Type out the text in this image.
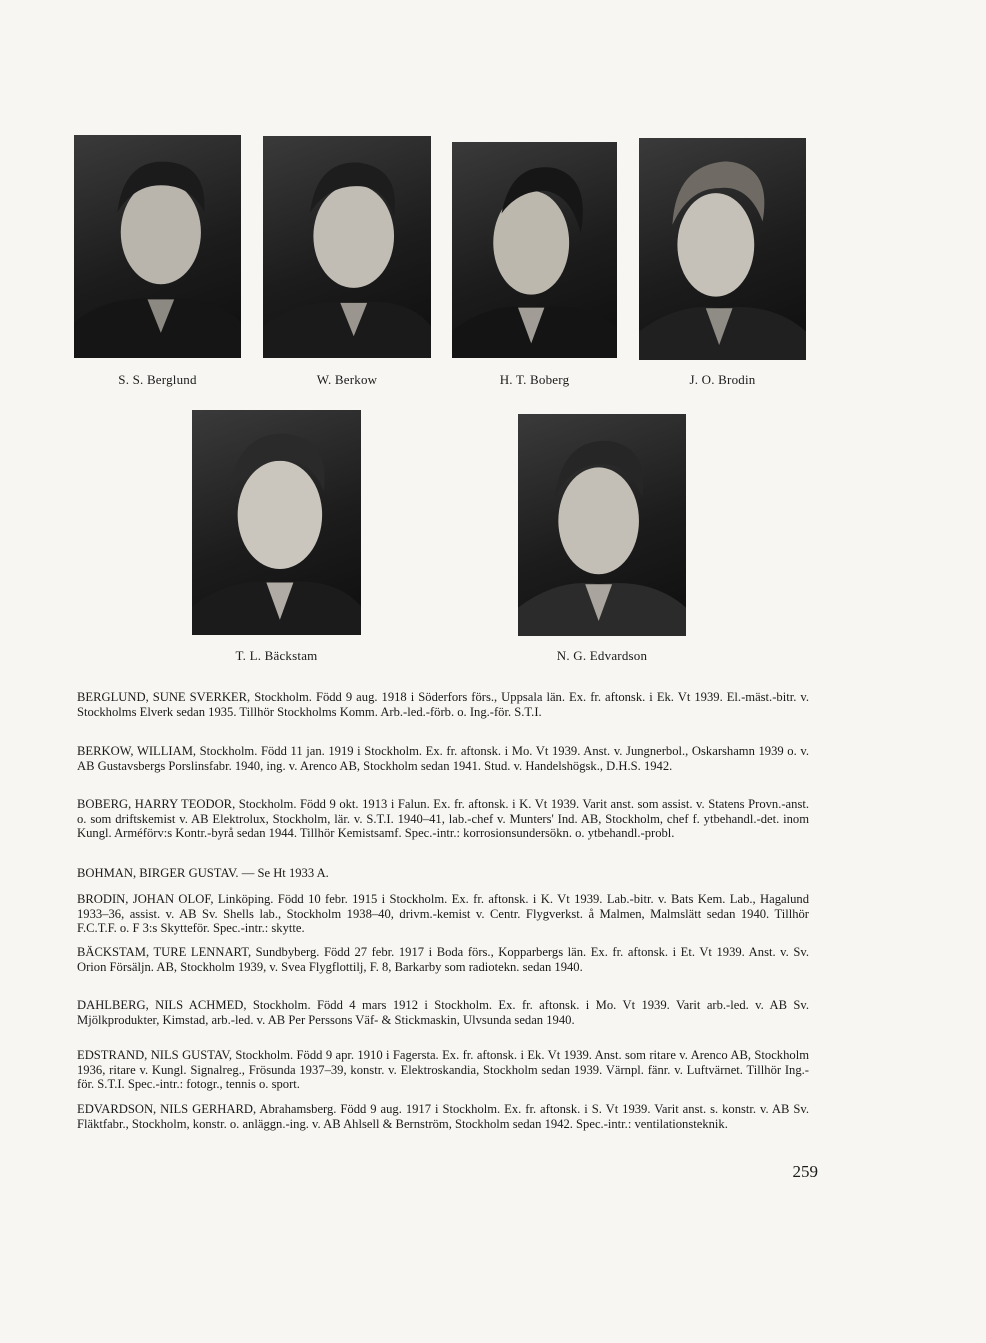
S. S. Berglund	W. Berkow	H. T. Boberg	J. O. Brodin
T. L. Bäckstam	N. G. Edvardson

BERGLUND, SUNE SVERKER, Stockholm. Född 9 aug. 1918 i Söderfors förs., Uppsala län. Ex. fr. aftonsk. i Ek. Vt 1939. El.-mäst.-bitr. v. Stockholms Elverk sedan 1935. Tillhör Stockholms Komm. Arb.-led.-förb. o. Ing.-för. S.T.I.

BERKOW, WILLIAM, Stockholm. Född 11 jan. 1919 i Stockholm. Ex. fr. aftonsk. i Mo. Vt 1939. Anst. v. Jungnerbol., Oskarshamn 1939 o. v. AB Gustavsbergs Porslinsfabr. 1940, ing. v. Arenco AB, Stockholm sedan 1941. Stud. v. Handelshögsk., D.H.S. 1942.

BOBERG, HARRY TEODOR, Stockholm. Född 9 okt. 1913 i Falun. Ex. fr. aftonsk. i K. Vt 1939. Varit anst. som assist. v. Statens Provn.-anst. o. som driftskemist v. AB Elektrolux, Stockholm, lär. v. S.T.I. 1940–41, lab.-chef v. Munters' Ind. AB, Stockholm, chef f. ytbehandl.-det. inom Kungl. Arméförv:s Kontr.-byrå sedan 1944. Tillhör Kemistsamf. Spec.-intr.: korrosionsundersökn. o. ytbehandl.-probl.

BOHMAN, BIRGER GUSTAV. — Se Ht 1933 A.

BRODIN, JOHAN OLOF, Linköping. Född 10 febr. 1915 i Stockholm. Ex. fr. aftonsk. i K. Vt 1939. Lab.-bitr. v. Bats Kem. Lab., Hagalund 1933–36, assist. v. AB Sv. Shells lab., Stockholm 1938–40, drivm.-kemist v. Centr. Flygverkst. å Malmen, Malmslätt sedan 1940. Tillhör F.C.T.F. o. F 3:s Skytteför. Spec.-intr.: skytte.

BÄCKSTAM, TURE LENNART, Sundbyberg. Född 27 febr. 1917 i Boda förs., Kopparbergs län. Ex. fr. aftonsk. i Et. Vt 1939. Anst. v. Sv. Orion Försäljn. AB, Stockholm 1939, v. Svea Flygflottilj, F. 8, Barkarby som radiotekn. sedan 1940.

DAHLBERG, NILS ACHMED, Stockholm. Född 4 mars 1912 i Stockholm. Ex. fr. aftonsk. i Mo. Vt 1939. Varit arb.-led. v. AB Sv. Mjölkprodukter, Kimstad, arb.-led. v. AB Per Perssons Väf- & Stickmaskin, Ulvsunda sedan 1940.

EDSTRAND, NILS GUSTAV, Stockholm. Född 9 apr. 1910 i Fagersta. Ex. fr. aftonsk. i Ek. Vt 1939. Anst. som ritare v. Arenco AB, Stockholm 1936, ritare v. Kungl. Signalreg., Frösunda 1937–39, konstr. v. Elektroskandia, Stockholm sedan 1939. Värnpl. fänr. v. Luftvärnet. Tillhör Ing.-för. S.T.I. Spec.-intr.: fotogr., tennis o. sport.

EDVARDSON, NILS GERHARD, Abrahamsberg. Född 9 aug. 1917 i Stockholm. Ex. fr. aftonsk. i S. Vt 1939. Varit anst. s. konstr. v. AB Sv. Fläktfabr., Stockholm, konstr. o. anläggn.-ing. v. AB Ahlsell & Bernström, Stockholm sedan 1942. Spec.-intr.: ventilationsteknik.

259
